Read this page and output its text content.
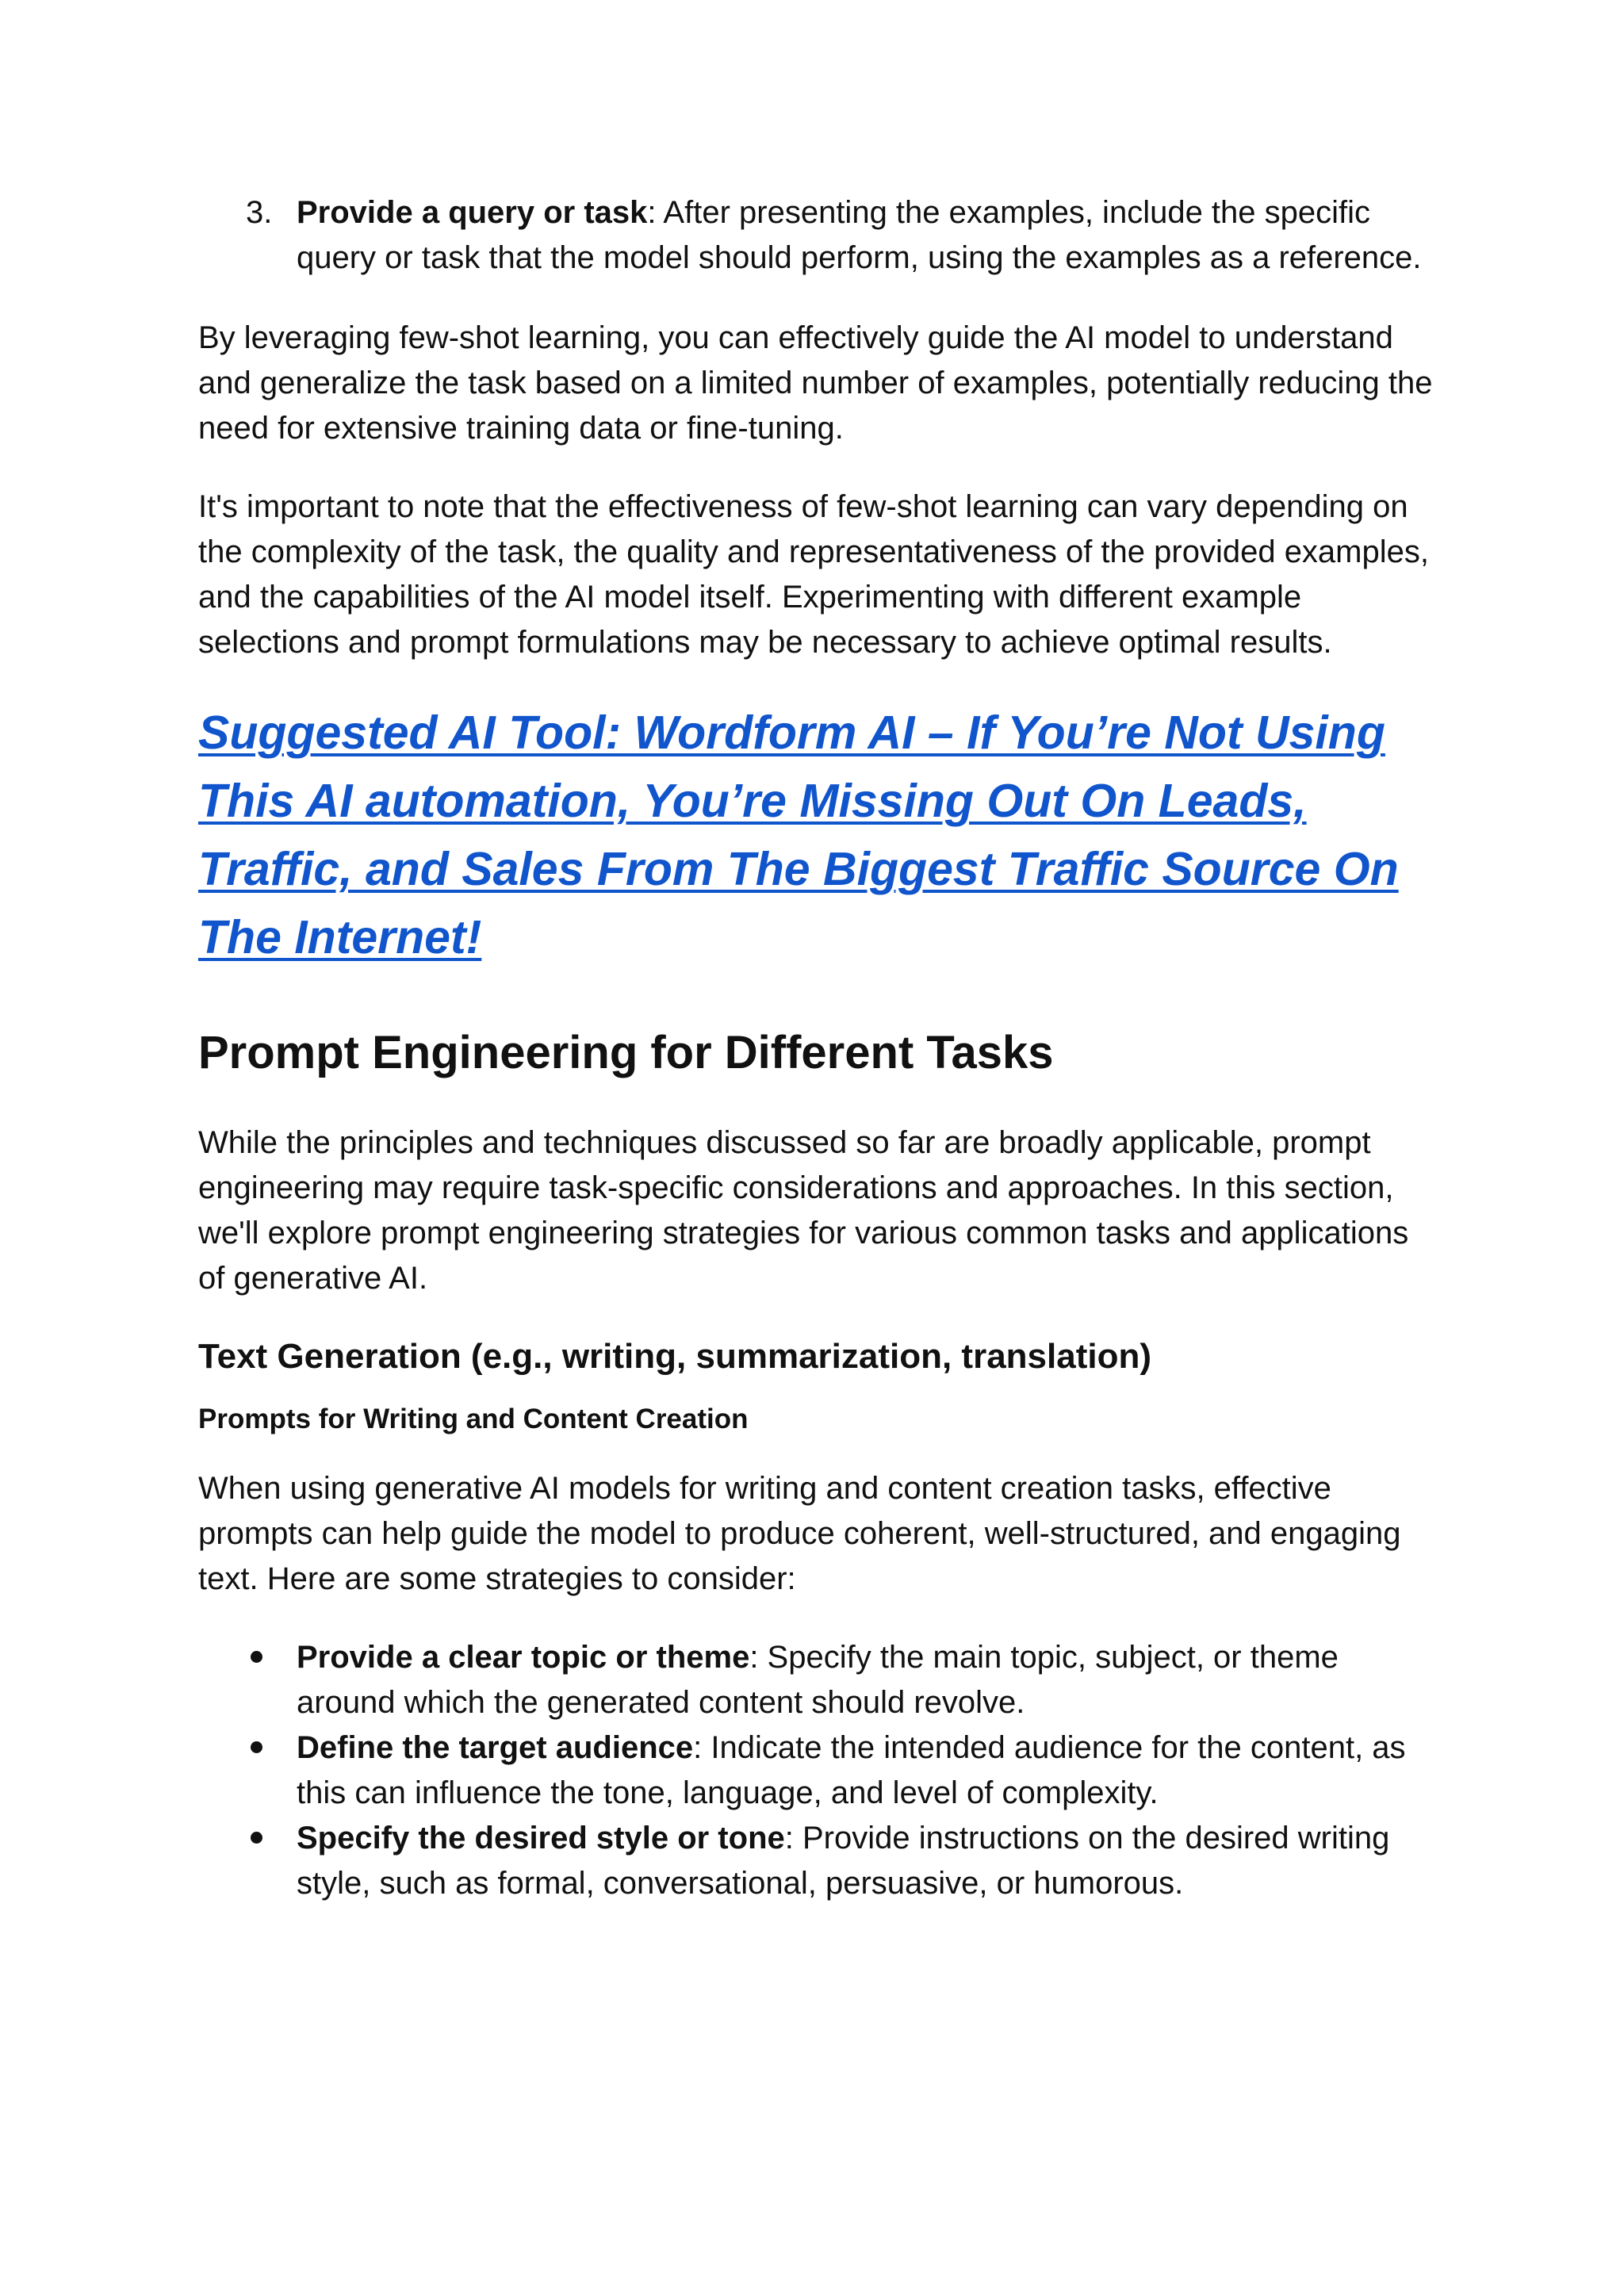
3. Provide a query or task: After presenting the examples, include the specific query or task that the model should perform, using the examples as a reference.

By leveraging few-shot learning, you can effectively guide the AI model to understand and generalize the task based on a limited number of examples, potentially reducing the need for extensive training data or fine-tuning.

It's important to note that the effectiveness of few-shot learning can vary depending on the complexity of the task, the quality and representativeness of the provided examples, and the capabilities of the AI model itself. Experimenting with different example selections and prompt formulations may be necessary to achieve optimal results.

Suggested AI Tool: Wordform AI – If You’re Not Using This AI automation, You’re Missing Out On Leads, Traffic, and Sales From The Biggest Traffic Source On The Internet!
Prompt Engineering for Different Tasks

While the principles and techniques discussed so far are broadly applicable, prompt engineering may require task-specific considerations and approaches. In this section, we'll explore prompt engineering strategies for various common tasks and applications of generative AI.

Text Generation (e.g., writing, summarization, translation)
Prompts for Writing and Content Creation

When using generative AI models for writing and content creation tasks, effective prompts can help guide the model to produce coherent, well-structured, and engaging text. Here are some strategies to consider:

Provide a clear topic or theme: Specify the main topic, subject, or theme around which the generated content should revolve.
Define the target audience: Indicate the intended audience for the content, as this can influence the tone, language, and level of complexity.
Specify the desired style or tone: Provide instructions on the desired writing style, such as formal, conversational, persuasive, or humorous.
